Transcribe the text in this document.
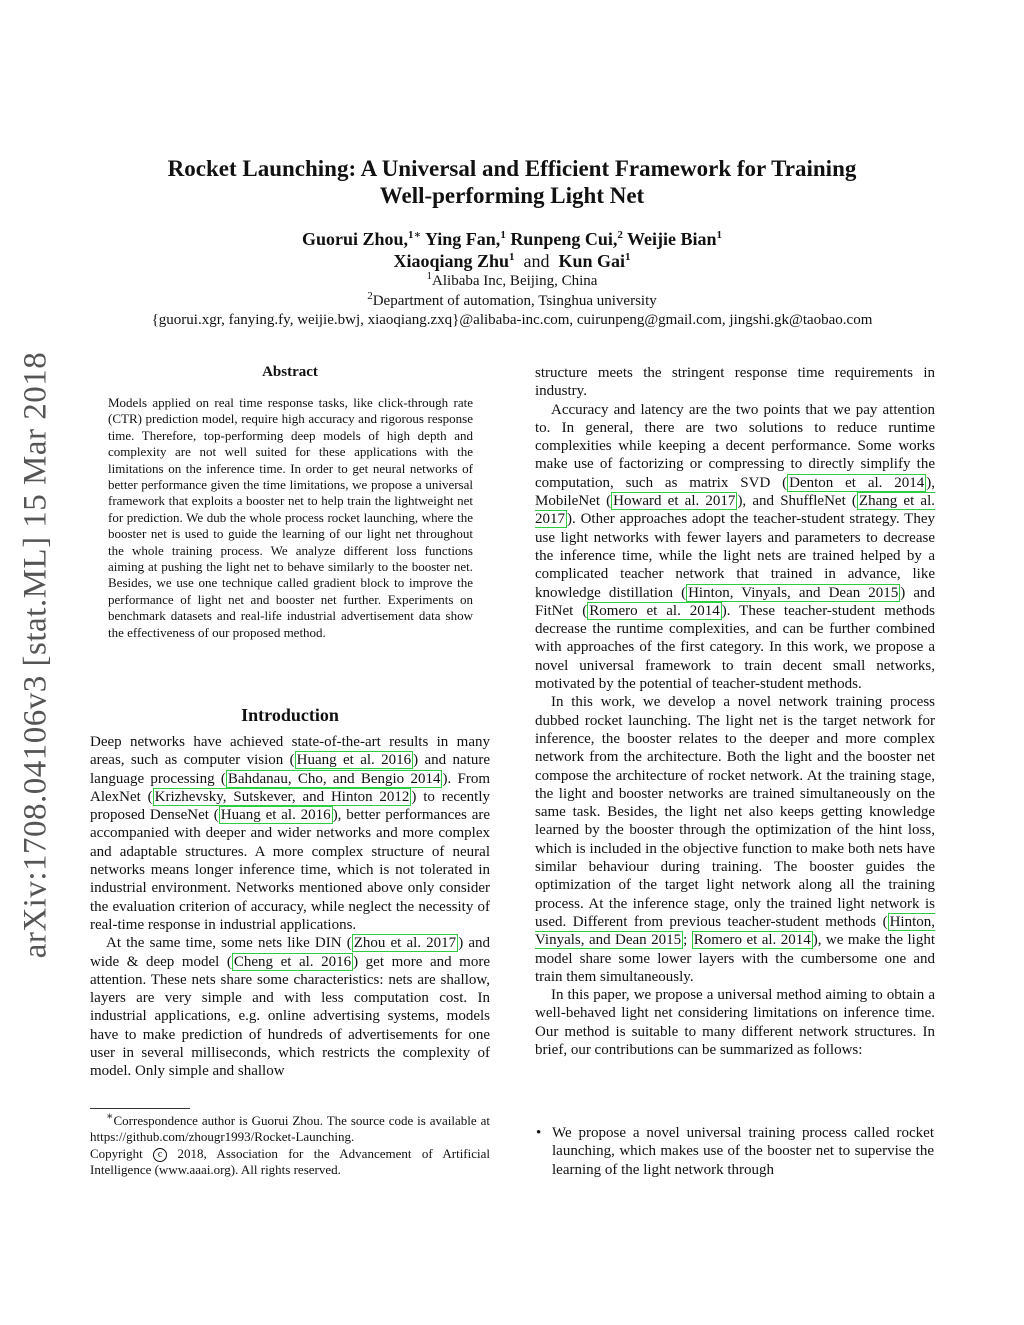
arXiv:1708.04106v3 [stat.ML] 15 Mar 2018
Rocket Launching: A Universal and Efficient Framework for Training
Well-performing Light Net
Guorui Zhou,$^{1∗}$ Ying Fan,$^1$ Runpeng Cui,$^2$ Weijie Bian$^1$
Xiaoqiang Zhu$^1$ and Kun Gai$^1$
$^1$Alibaba Inc, Beijing, China
$^2$Department of automation, Tsinghua university
{guorui.xgr, fanying.fy, weijie.bwj, xiaoqiang.zxq}@alibaba-inc.com, cuirunpeng@gmail.com, jingshi.gk@taobao.com
Abstract
Models applied on real time response tasks, like click-through rate (CTR) prediction model, require high accuracy and rigorous response time. Therefore, top-performing deep models of high depth and complexity are not well suited for these applications with the limitations on the inference time. In order to get neural networks of better performance given the time limitations, we propose a universal framework that exploits a booster net to help train the lightweight net for prediction. We dub the whole process rocket launching, where the booster net is used to guide the learning of our light net throughout the whole training process. We analyze different loss functions aiming at pushing the light net to behave similarly to the booster net. Besides, we use one technique called gradient block to improve the performance of light net and booster net further. Experiments on benchmark datasets and real-life industrial advertisement data show the effectiveness of our proposed method.
Introduction

Deep networks have achieved state-of-the-art results in many areas, such as computer vision ( Huang et al. 2016 ) and nature language processing ( Bahdanau, Cho, and Bengio 2014 ). From AlexNet ( Krizhevsky, Sutskever, and Hinton 2012 ) to recently proposed DenseNet ( Huang et al. 2016 ), better performances are accompanied with deeper and wider networks and more complex and adaptable structures. A more complex structure of neural networks means longer inference time, which is not tolerated in industrial environment. Networks mentioned above only consider the evaluation criterion of accuracy, while neglect the necessity of real-time response in industrial applications.

At the same time, some nets like DIN ( Zhou et al. 2017 ) and wide & deep model ( Cheng et al. 2016 ) get more and more attention. These nets share some characteristics: nets are shallow, layers are very simple and with less computation cost. In industrial applications, e.g. online advertising systems, models have to make prediction of hundreds of advertisements for one user in several milliseconds, which restricts the complexity of model. Only simple and shallow

∗Correspondence author is Guorui Zhou. The source code is available at https://github.com/zhougr1993/Rocket-Launching.
Copyright c 2018, Association for the Advancement of Artificial Intelligence (www.aaai.org). All rights reserved.

structure meets the stringent response time requirements in industry.

Accuracy and latency are the two points that we pay attention to. In general, there are two solutions to reduce runtime complexities while keeping a decent performance. Some works make use of factorizing or compressing to directly simplify the computation, such as matrix SVD ( Denton et al. 2014 ), MobileNet ( Howard et al. 2017 ), and ShuffleNet ( Zhang et al. 2017 ). Other approaches adopt the teacher-student strategy. They use light networks with fewer layers and parameters to decrease the inference time, while the light nets are trained helped by a complicated teacher network that trained in advance, like knowledge distillation ( Hinton, Vinyals, and Dean 2015 ) and FitNet ( Romero et al. 2014 ). These teacher-student methods decrease the runtime complexities, and can be further combined with approaches of the first category. In this work, we propose a novel universal framework to train decent small networks, motivated by the potential of teacher-student methods.

In this work, we develop a novel network training process dubbed rocket launching. The light net is the target network for inference, the booster relates to the deeper and more complex network from the architecture. Both the light and the booster net compose the architecture of rocket network. At the training stage, the light and booster networks are trained simultaneously on the same task. Besides, the light net also keeps getting knowledge learned by the booster through the optimization of the hint loss, which is included in the objective function to make both nets have similar behaviour during training. The booster guides the optimization of the target light network along all the training process. At the inference stage, only the trained light network is used. Different from previous teacher-student methods ( Hinton, Vinyals, and Dean 2015 ; Romero et al. 2014 ), we make the light model share some lower layers with the cumbersome one and train them simultaneously.

In this paper, we propose a universal method aiming to obtain a well-behaved light net considering limitations on inference time. Our method is suitable to many different network structures. In brief, our contributions can be summarized as follows:

• We propose a novel universal training process called rocket launching, which makes use of the booster net to supervise the learning of the light network through
